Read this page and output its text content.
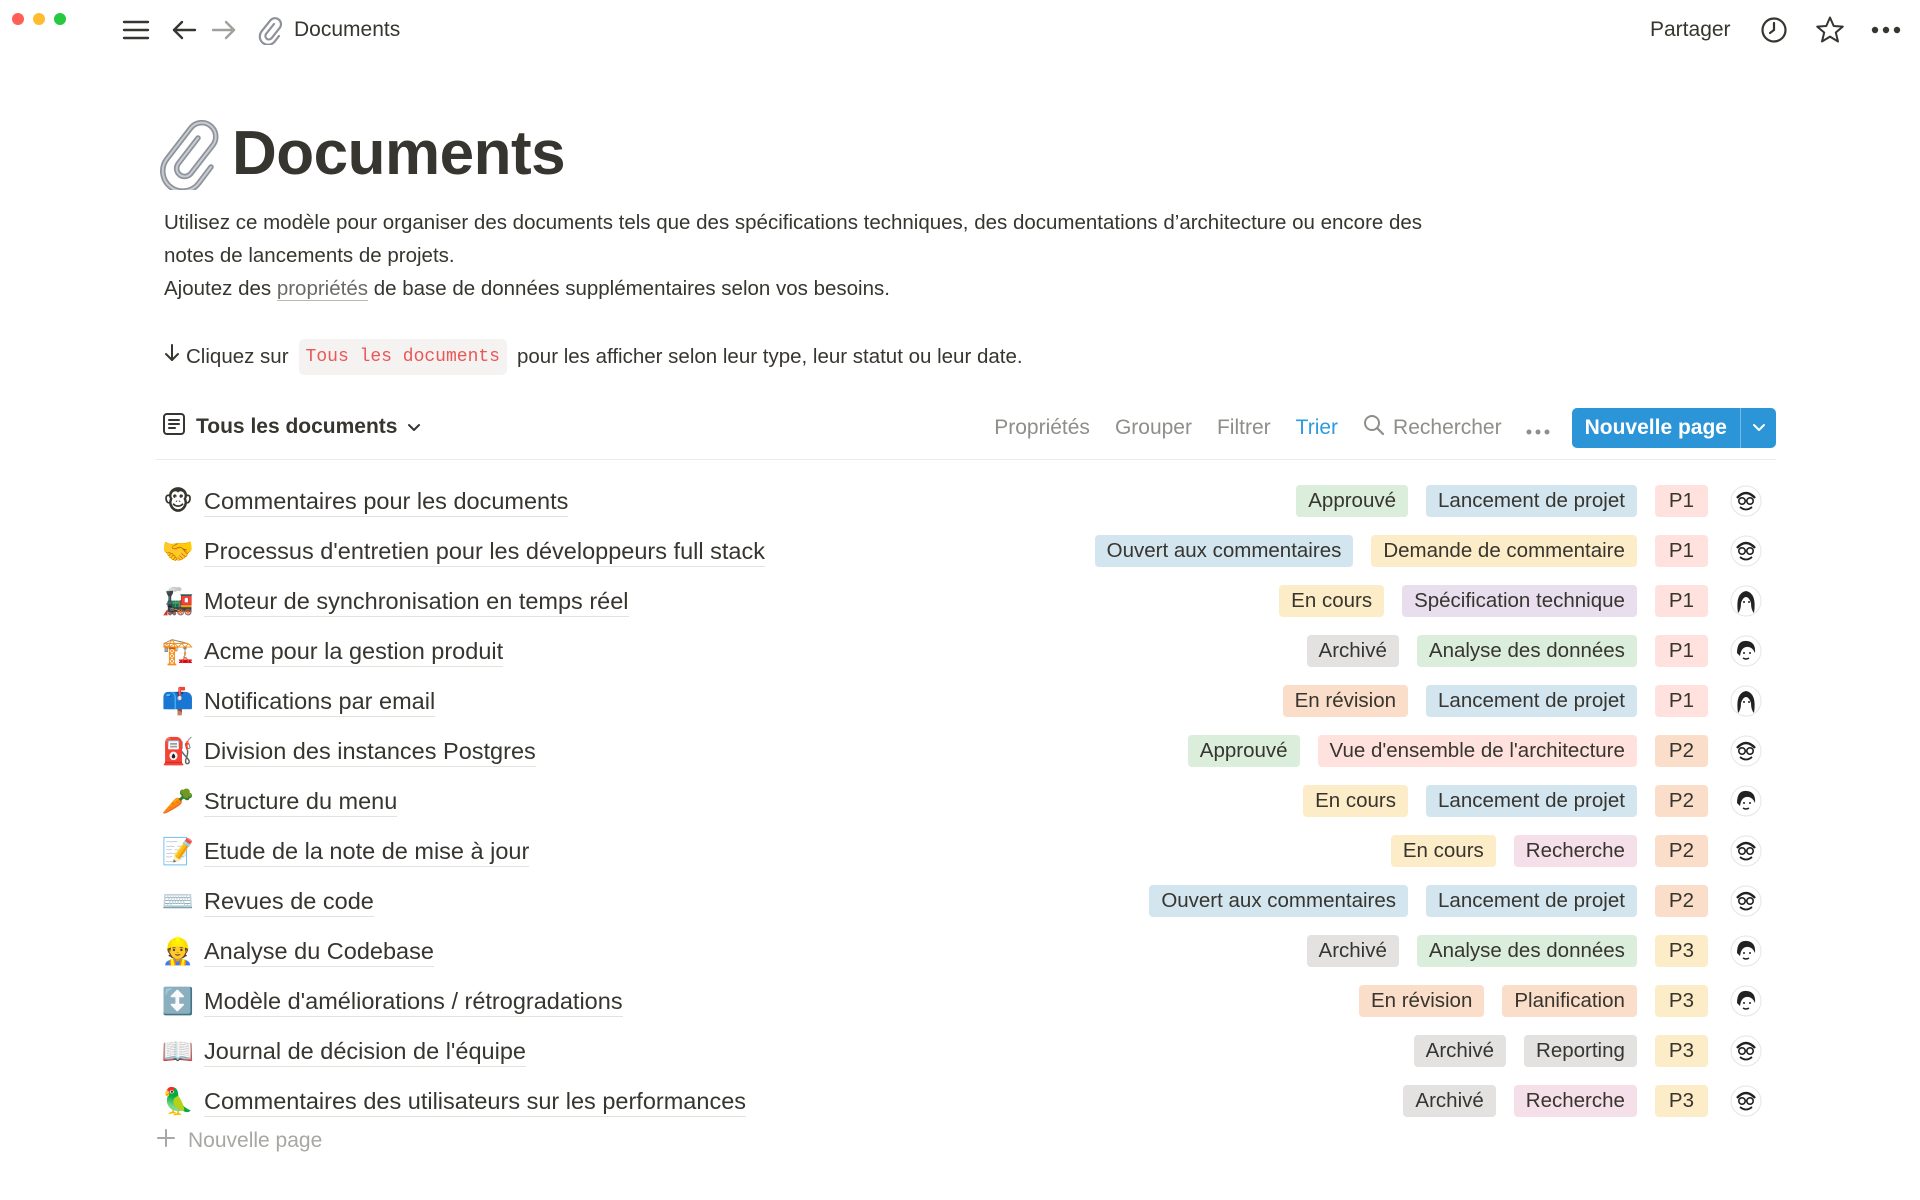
Documents	Partager
Documents

Utilisez ce modèle pour organiser des documents tels que des spécifications techniques, des documentations d’architecture ou encore des notes de lancements de projets.

Ajoutez des propriétés de base de données supplémentaires selon vos besoins.

Cliquez sur Tous les documents pour les afficher selon leur type, leur statut ou leur date.
Tous les documents	Propriétés Grouper Filtrer Trier	Rechercher	Nouvelle page
🐵 Commentaires pour les documents	Approuvé	Lancement de projet	P1
🤝 Processus d'entretien pour les développeurs full stack	Ouvert aux commentaires	Demande de commentaire	P1
🚂 Moteur de synchronisation en temps réel	En cours	Spécification technique	P1
🏗️ Acme pour la gestion produit	Archivé	Analyse des données	P1
📫 Notifications par email	En révision	Lancement de projet	P1
⛽ Division des instances Postgres	Approuvé	Vue d'ensemble de l'architecture	P2
🥕 Structure du menu	En cours	Lancement de projet	P2
📝 Etude de la note de mise à jour	En cours	Recherche	P2
⌨️ Revues de code	Ouvert aux commentaires	Lancement de projet	P2
👷 Analyse du Codebase	Archivé	Analyse des données	P3
↕️ Modèle d'améliorations / rétrogradations	En révision	Planification	P3
📖 Journal de décision de l'équipe	Archivé	Reporting	P3
🦜 Commentaires des utilisateurs sur les performances	Archivé	Recherche	P3
Nouvelle page
